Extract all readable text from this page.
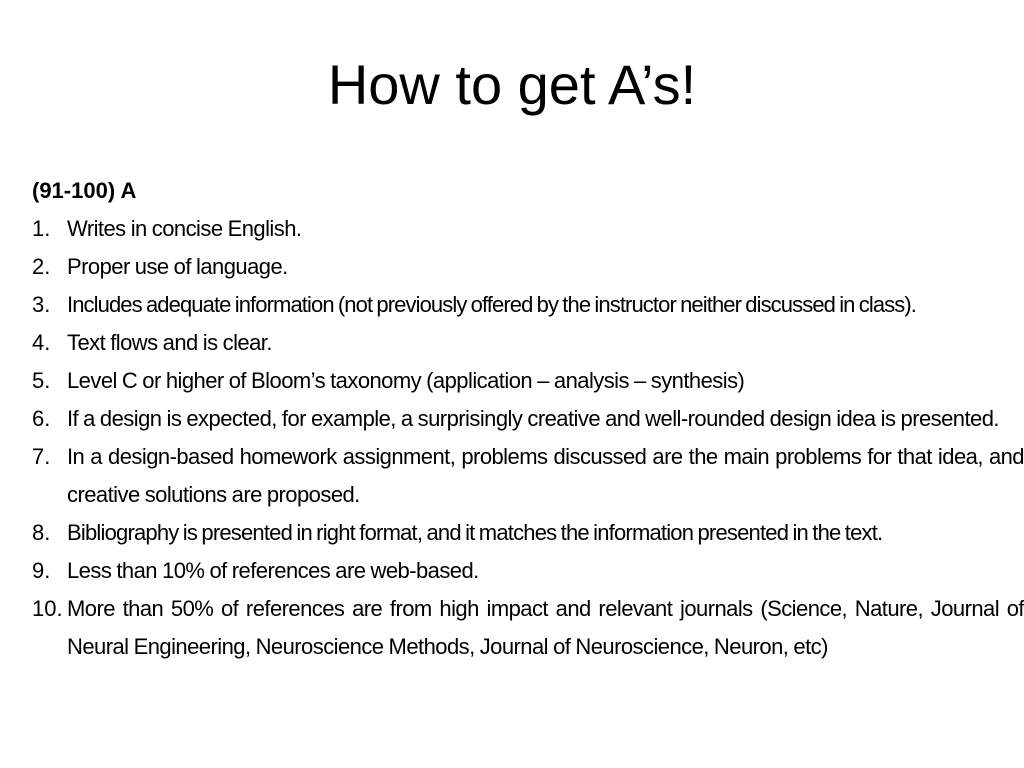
How to get A’s!

(91-100) A

1. Writes in concise English.
2. Proper use of language.
3. Includes adequate information (not previously offered by the instructor neither discussed in class).
4. Text flows and is clear.
5. Level C or higher of Bloom’s taxonomy (application – analysis – synthesis)
6. If a design is expected, for example, a surprisingly creative and well-rounded design idea is presented.
7. In a design-based homework assignment, problems discussed are the main problems for that idea, and creative solutions are proposed.
8. Bibliography is presented in right format, and it matches the information presented in the text.
9. Less than 10% of references are web-based.
10. More than 50% of references are from high impact and relevant journals (Science, Nature, Journal of Neural Engineering, Neuroscience Methods, Journal of Neuroscience, Neuron, etc)
